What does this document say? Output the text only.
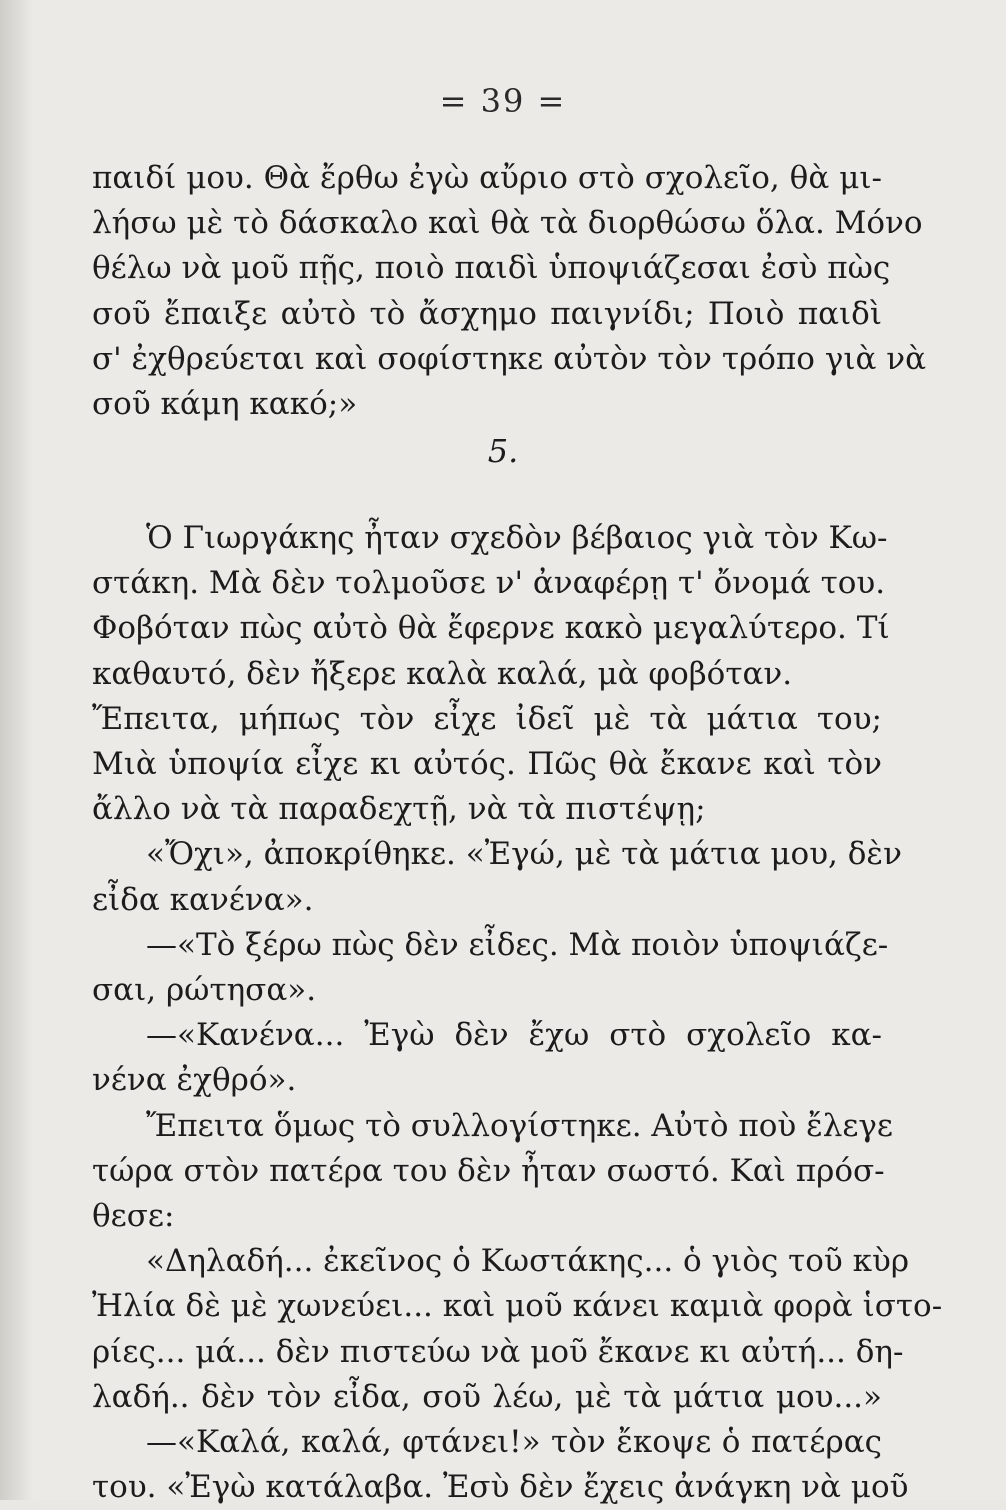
= 39 =
παιδί μου. Θὰ ἔρθω ἐγὼ αὔριο στὸ σχολεῖο, θὰ μι-
λήσω μὲ τὸ δάσκαλο καὶ θὰ τὰ διορθώσω ὅλα. Μόνο
θέλω νὰ μοῦ πῇς, ποιὸ παιδὶ ὑποψιάζεσαι ἐσὺ πὼς
σοῦ ἔπαιξε αὐτὸ τὸ ἄσχημο παιγνίδι; Ποιὸ παιδὶ
σ' ἐχθρεύεται καὶ σοφίστηκε αὐτὸν τὸν τρόπο γιὰ νὰ
σοῦ κάμη κακό;»
5.
Ὁ Γιωργάκης ἦταν σχεδὸν βέβαιος γιὰ τὸν Κω-
στάκη. Μὰ δὲν τολμοῦσε ν' ἀναφέρῃ τ' ὄνομά του.
Φοβόταν πὼς αὐτὸ θὰ ἔφερνε κακὸ μεγαλύτερο. Τί
καθαυτό, δὲν ἤξερε καλὰ καλά, μὰ φοβόταν.
Ἔπειτα, μήπως τὸν εἶχε ἰδεῖ μὲ τὰ μάτια του;
Μιὰ ὑποψία εἶχε κι αὐτός. Πῶς θὰ ἔκανε καὶ τὸν
ἄλλο νὰ τὰ παραδεχτῇ, νὰ τὰ πιστέψῃ;
«Ὄχι», ἀποκρίθηκε. «Ἐγώ, μὲ τὰ μάτια μου, δὲν
εἶδα κανένα».
—«Τὸ ξέρω πὼς δὲν εἶδες. Μὰ ποιὸν ὑποψιάζε-
σαι, ρώτησα».
—«Κανένα... Ἐγὼ δὲν ἔχω στὸ σχολεῖο κα-
νένα ἐχθρό».
Ἔπειτα ὅμως τὸ συλλογίστηκε. Αὐτὸ ποὺ ἔλεγε
τώρα στὸν πατέρα του δὲν ἦταν σωστό. Καὶ πρόσ-
θεσε:
«Δηλαδή... ἐκεῖνος ὁ Κωστάκης... ὁ γιὸς τοῦ κὺρ
Ἠλία δὲ μὲ χωνεύει... καὶ μοῦ κάνει καμιὰ φορὰ ἱστο-
ρίες... μά... δὲν πιστεύω νὰ μοῦ ἔκανε κι αὐτή... δη-
λαδή.. δὲν τὸν εἶδα, σοῦ λέω, μὲ τὰ μάτια μου...»
—«Καλά, καλά, φτάνει!» τὸν ἔκοψε ὁ πατέρας
του. «Ἐγὼ κατάλαβα. Ἐσὺ δὲν ἔχεις ἀνάγκη νὰ μοῦ
